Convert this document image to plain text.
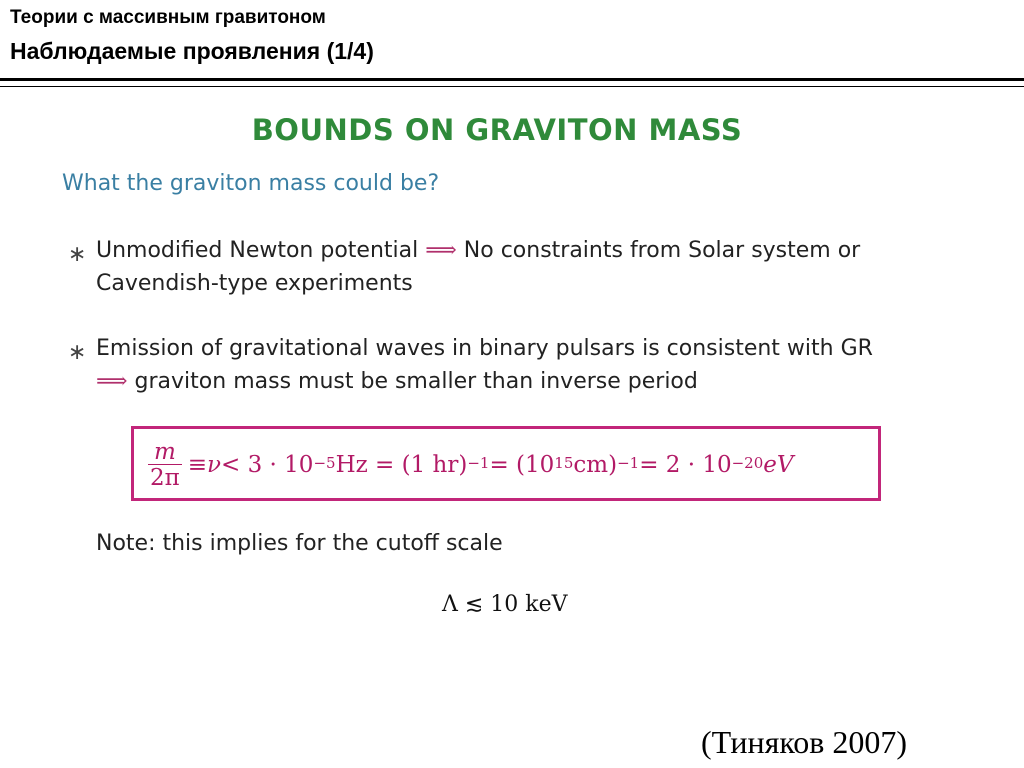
Теории с массивным гравитоном
Наблюдаемые проявления (1/4)
BOUNDS ON GRAVITON MASS
What the graviton mass could be?
∗ Unmodified Newton potential ⟹ No constraints from Solar system or Cavendish-type experiments
∗ Emission of gravitational waves in binary pulsars is consistent with GR
⟹ graviton mass must be smaller than inverse period
$\frac{m}{2\pi} \equiv \nu < 3 \cdot 10^{-5}$ Hz = (1 $hr)^{-1} = (10^{15}$ $cm)^{-1} = 2 \cdot 10^{-20}$ eV
Note: this implies for the cutoff scale
Λ ≲ 10 keV
(Тиняков 2007)
